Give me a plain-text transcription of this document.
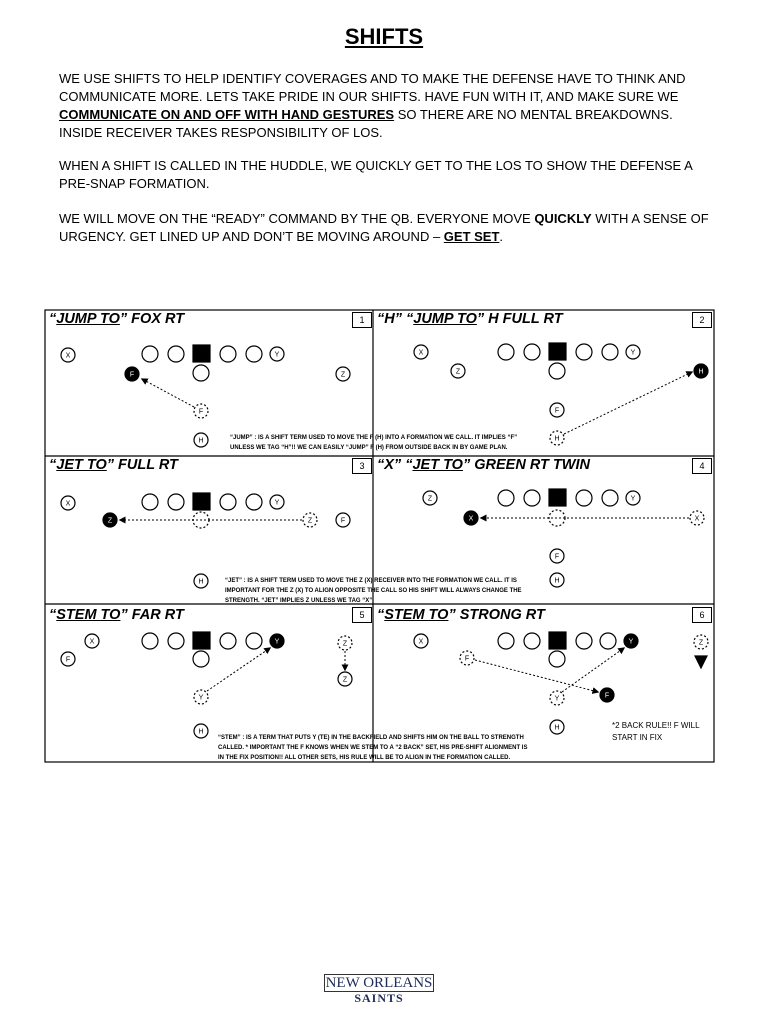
SHIFTS
WE USE SHIFTS TO HELP IDENTIFY COVERAGES AND TO MAKE THE DEFENSE HAVE TO THINK AND COMMUNICATE MORE. LETS TAKE PRIDE IN OUR SHIFTS. HAVE FUN WITH IT, AND MAKE SURE WE COMMUNICATE ON AND OFF WITH HAND GESTURES SO THERE ARE NO MENTAL BREAKDOWNS. INSIDE RECEIVER TAKES RESPONSIBILITY OF LOS.
WHEN A SHIFT IS CALLED IN THE HUDDLE, WE QUICKLY GET TO THE LOS TO SHOW THE DEFENSE A PRE-SNAP FORMATION.
WE WILL MOVE ON THE “READY” COMMAND BY THE QB. EVERYONE MOVE QUICKLY WITH A SENSE OF URGENCY. GET LINED UP AND DON’T BE MOVING AROUND – GET SET.
X	Y
Z
F
F
H
X	Y
Z
F
H
H
X	Y
Z	Z	F
H
Z	Y
X	X
F
H
X
F
Y
Y
Z
Z
H
X	Y
Y
F
F
Z
H
“JUMP TO” FOX RT	1 “H” “JUMP TO” H FULL RT	2
“JET TO” FULL RT	3 “X” “JET TO” GREEN RT TWIN	4
“STEM TO” FAR RT	5 “STEM TO” STRONG RT	6
“JUMP” : IS A SHIFT TERM USED TO MOVE THE F (H) INTO A FORMATION WE CALL. IT IMPLIES “F”
UNLESS WE TAG “H”!! WE CAN EASILY “JUMP” F (H) FROM OUTSIDE BACK IN BY GAME PLAN.
“JET” : IS A SHIFT TERM USED TO MOVE THE Z (X) RECEIVER INTO THE FORMATION WE CALL. IT IS
IMPORTANT FOR THE Z (X) TO ALIGN OPPOSITE THE CALL SO HIS SHIFT WILL ALWAYS CHANGE THE
STRENGTH. “JET” IMPLIES Z UNLESS WE TAG “X”.
“STEM” : IS A TERM THAT PUTS Y (TE) IN THE BACKFIELD AND SHIFTS HIM ON THE BALL TO STRENGTH
CALLED. * IMPORTANT THE F KNOWS WHEN WE STEM TO A “2 BACK” SET, HIS PRE-SHIFT ALIGNMENT IS
IN THE FIX POSITION!! ALL OTHER SETS, HIS RULE WILL BE TO ALIGN IN THE FORMATION CALLED.
*2 BACK RULE!! F WILL
START IN FIX
NEW ORLEANS
SAINTS
